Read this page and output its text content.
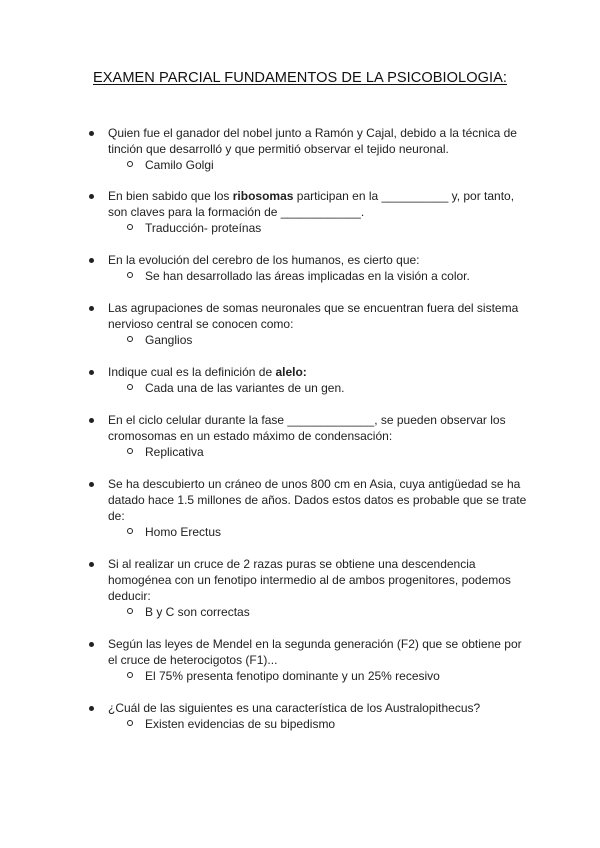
EXAMEN PARCIAL FUNDAMENTOS DE LA PSICOBIOLOGIA:
Quien fue el ganador del nobel junto a Ramón y Cajal, debido a la técnica de tinción que desarrolló y que permitió observar el tejido neuronal.
Camilo Golgi
En bien sabido que los ribosomas participan en la __________ y, por tanto, son claves para la formación de ____________.
Traducción- proteínas
En la evolución del cerebro de los humanos, es cierto que:
Se han desarrollado las áreas implicadas en la visión a color.
Las agrupaciones de somas neuronales que se encuentran fuera del sistema nervioso central se conocen como:
Ganglios
Indique cual es la definición de alelo:
Cada una de las variantes de un gen.
En el ciclo celular durante la fase _____________, se pueden observar los cromosomas en un estado máximo de condensación:
Replicativa
Se ha descubierto un cráneo de unos 800 cm en Asia, cuya antigüedad se ha datado hace 1.5 millones de años. Dados estos datos es probable que se trate de:
Homo Erectus
Si al realizar un cruce de 2 razas puras se obtiene una descendencia homogénea con un fenotipo intermedio al de ambos progenitores, podemos deducir:
B y C son correctas
Según las leyes de Mendel en la segunda generación (F2) que se obtiene por el cruce de heterocigotos (F1)...
El 75% presenta fenotipo dominante y un 25% recesivo
¿Cuál de las siguientes es una característica de los Australopithecus?
Existen evidencias de su bipedismo
